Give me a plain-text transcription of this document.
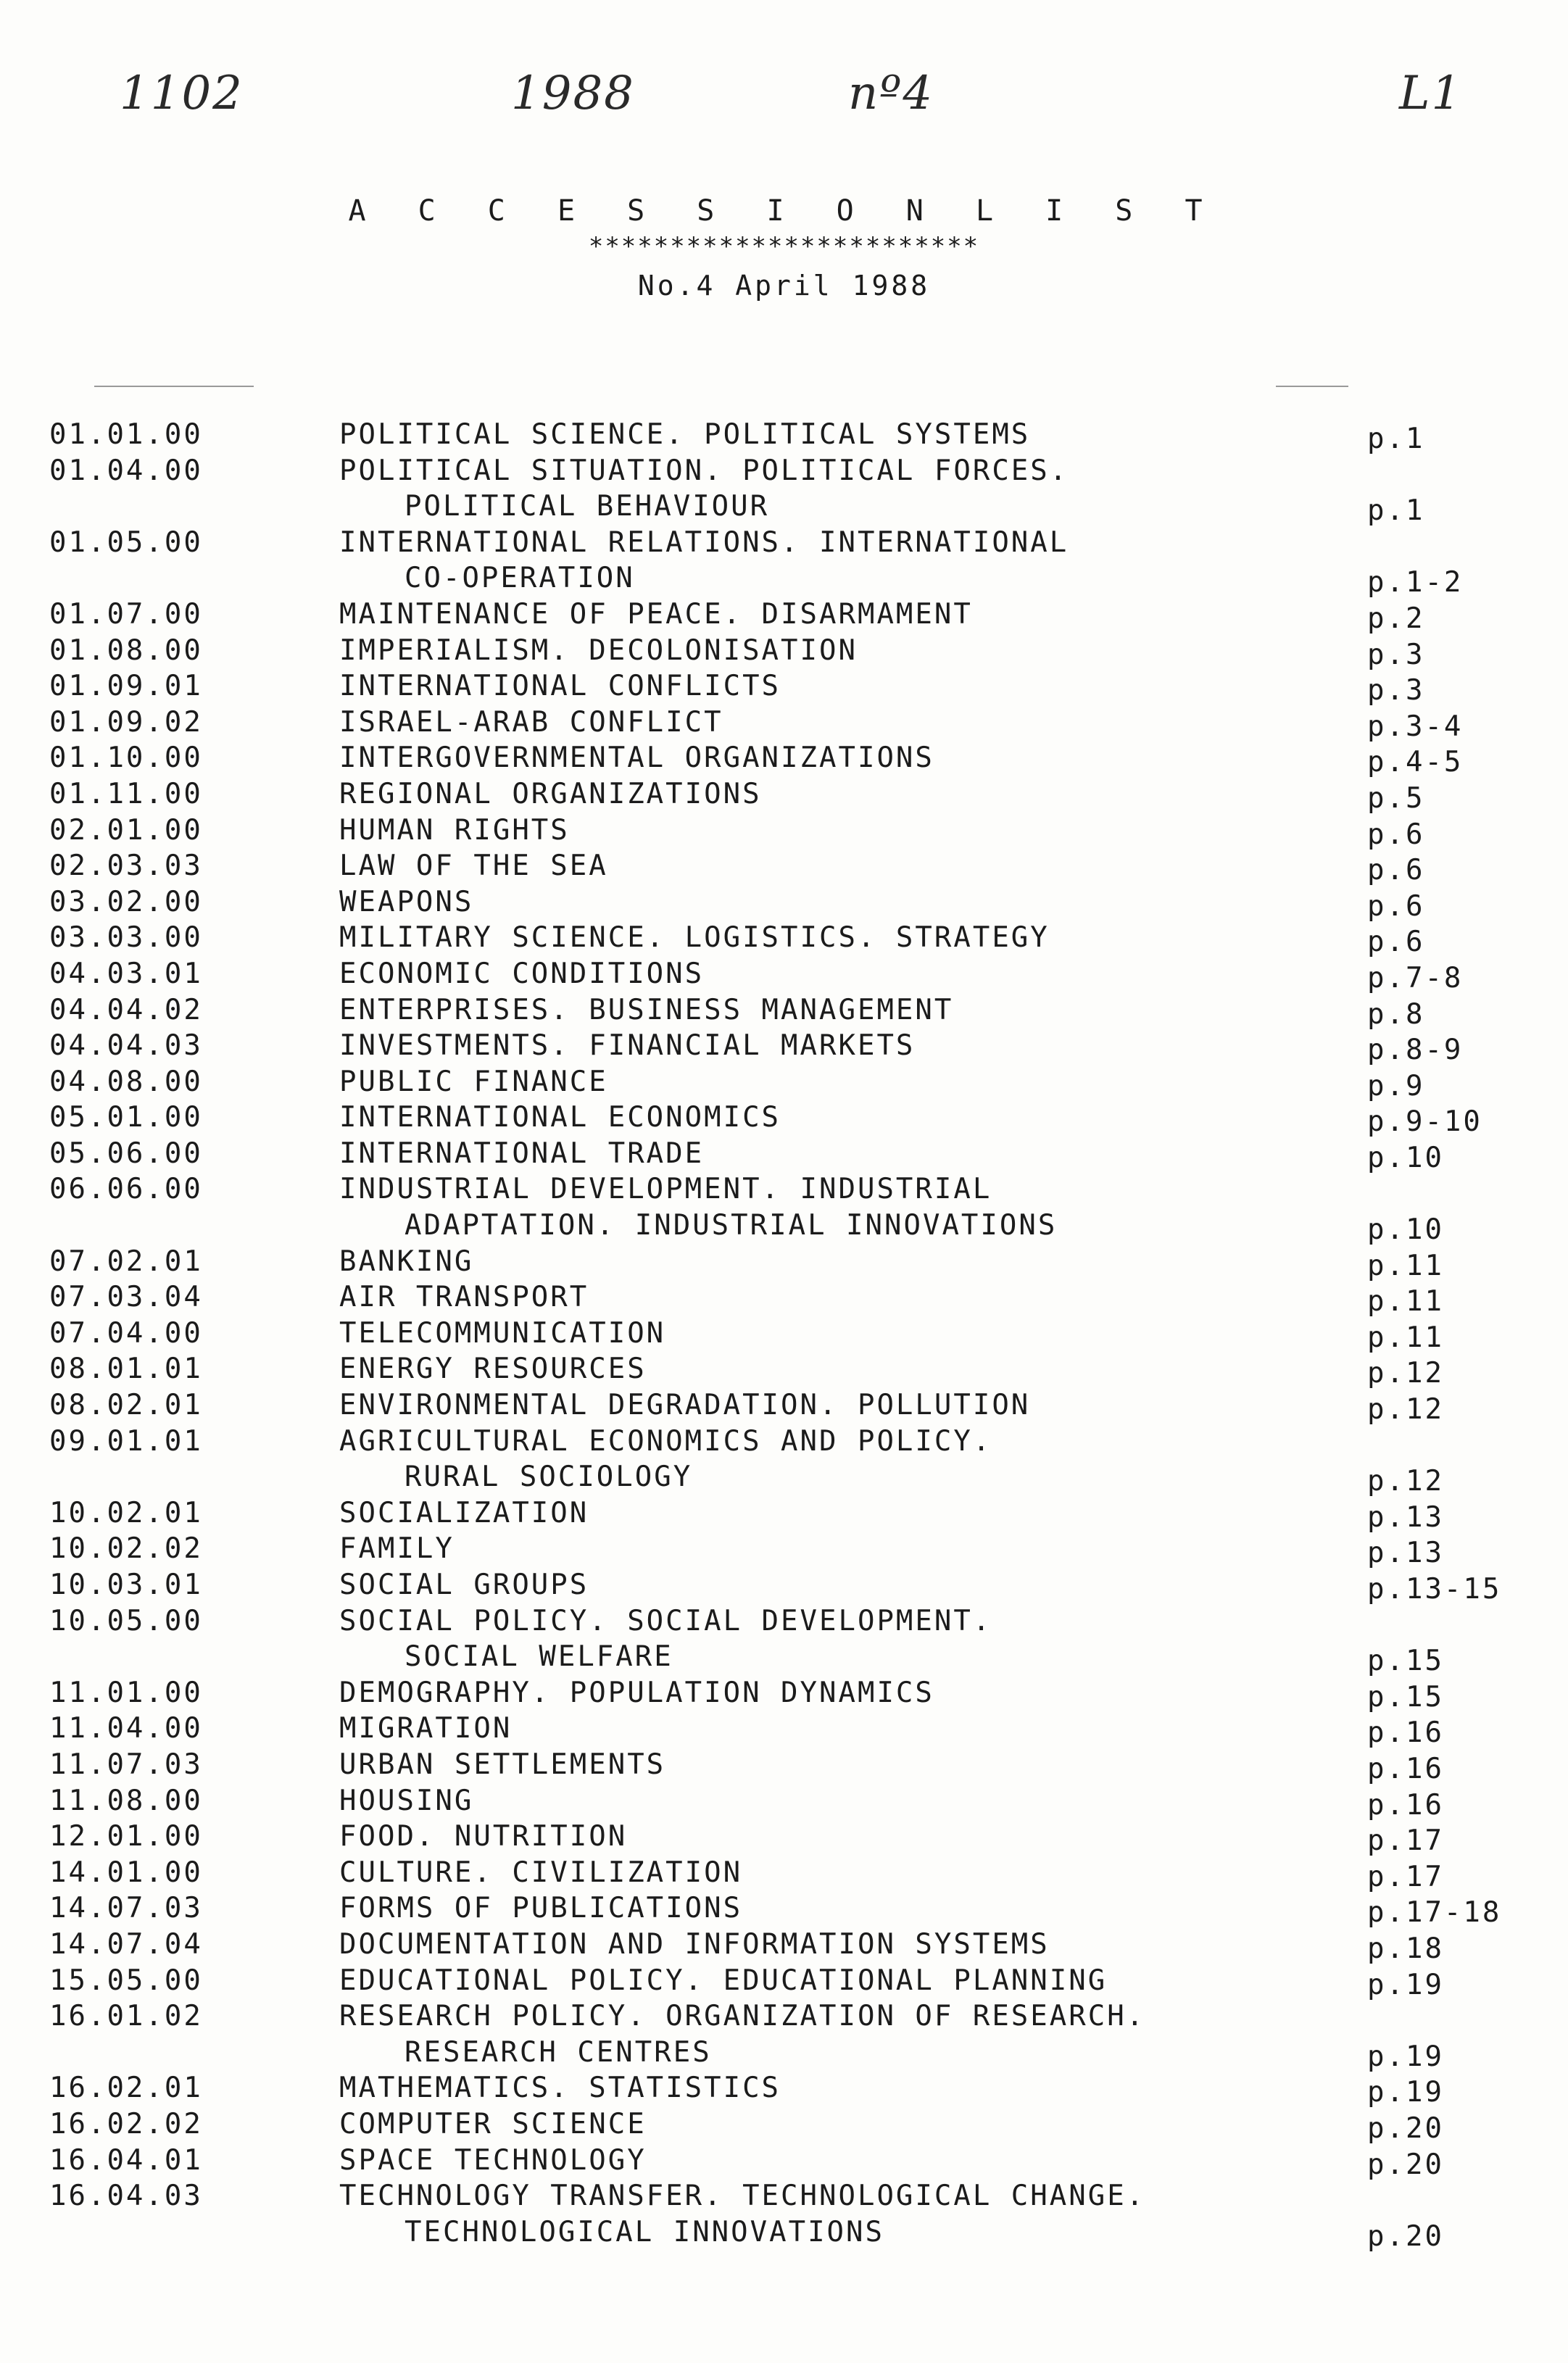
1102	1988	nº4	L1
A C C E S S I O N L I S T
************************
No.4 April 1988
01.01.00	POLITICAL SCIENCE. POLITICAL SYSTEMS	p.1
01.04.00	POLITICAL SITUATION. POLITICAL FORCES.
POLITICAL BEHAVIOUR	p.1
01.05.00	INTERNATIONAL RELATIONS. INTERNATIONAL
CO-OPERATION	p.1-2
01.07.00	MAINTENANCE OF PEACE. DISARMAMENT	p.2
01.08.00	IMPERIALISM. DECOLONISATION	p.3
01.09.01	INTERNATIONAL CONFLICTS	p.3
01.09.02	ISRAEL-ARAB CONFLICT	p.3-4
01.10.00	INTERGOVERNMENTAL ORGANIZATIONS	p.4-5
01.11.00	REGIONAL ORGANIZATIONS	p.5
02.01.00	HUMAN RIGHTS	p.6
02.03.03	LAW OF THE SEA	p.6
03.02.00	WEAPONS	p.6
03.03.00	MILITARY SCIENCE. LOGISTICS. STRATEGY	p.6
04.03.01	ECONOMIC CONDITIONS	p.7-8
04.04.02	ENTERPRISES. BUSINESS MANAGEMENT	p.8
04.04.03	INVESTMENTS. FINANCIAL MARKETS	p.8-9
04.08.00	PUBLIC FINANCE	p.9
05.01.00	INTERNATIONAL ECONOMICS	p.9-10
05.06.00	INTERNATIONAL TRADE	p.10
06.06.00	INDUSTRIAL DEVELOPMENT. INDUSTRIAL
ADAPTATION. INDUSTRIAL INNOVATIONS	p.10
07.02.01	BANKING	p.11
07.03.04	AIR TRANSPORT	p.11
07.04.00	TELECOMMUNICATION	p.11
08.01.01	ENERGY RESOURCES	p.12
08.02.01	ENVIRONMENTAL DEGRADATION. POLLUTION	p.12
09.01.01	AGRICULTURAL ECONOMICS AND POLICY.
RURAL SOCIOLOGY	p.12
10.02.01	SOCIALIZATION	p.13
10.02.02	FAMILY	p.13
10.03.01	SOCIAL GROUPS	p.13-15
10.05.00	SOCIAL POLICY. SOCIAL DEVELOPMENT.
SOCIAL WELFARE	p.15
11.01.00	DEMOGRAPHY. POPULATION DYNAMICS	p.15
11.04.00	MIGRATION	p.16
11.07.03	URBAN SETTLEMENTS	p.16
11.08.00	HOUSING	p.16
12.01.00	FOOD. NUTRITION	p.17
14.01.00	CULTURE. CIVILIZATION	p.17
14.07.03	FORMS OF PUBLICATIONS	p.17-18
14.07.04	DOCUMENTATION AND INFORMATION SYSTEMS	p.18
15.05.00	EDUCATIONAL POLICY. EDUCATIONAL PLANNING	p.19
16.01.02	RESEARCH POLICY. ORGANIZATION OF RESEARCH.
RESEARCH CENTRES	p.19
16.02.01	MATHEMATICS. STATISTICS	p.19
16.02.02	COMPUTER SCIENCE	p.20
16.04.01	SPACE TECHNOLOGY	p.20
16.04.03	TECHNOLOGY TRANSFER. TECHNOLOGICAL CHANGE.
TECHNOLOGICAL INNOVATIONS	p.20
